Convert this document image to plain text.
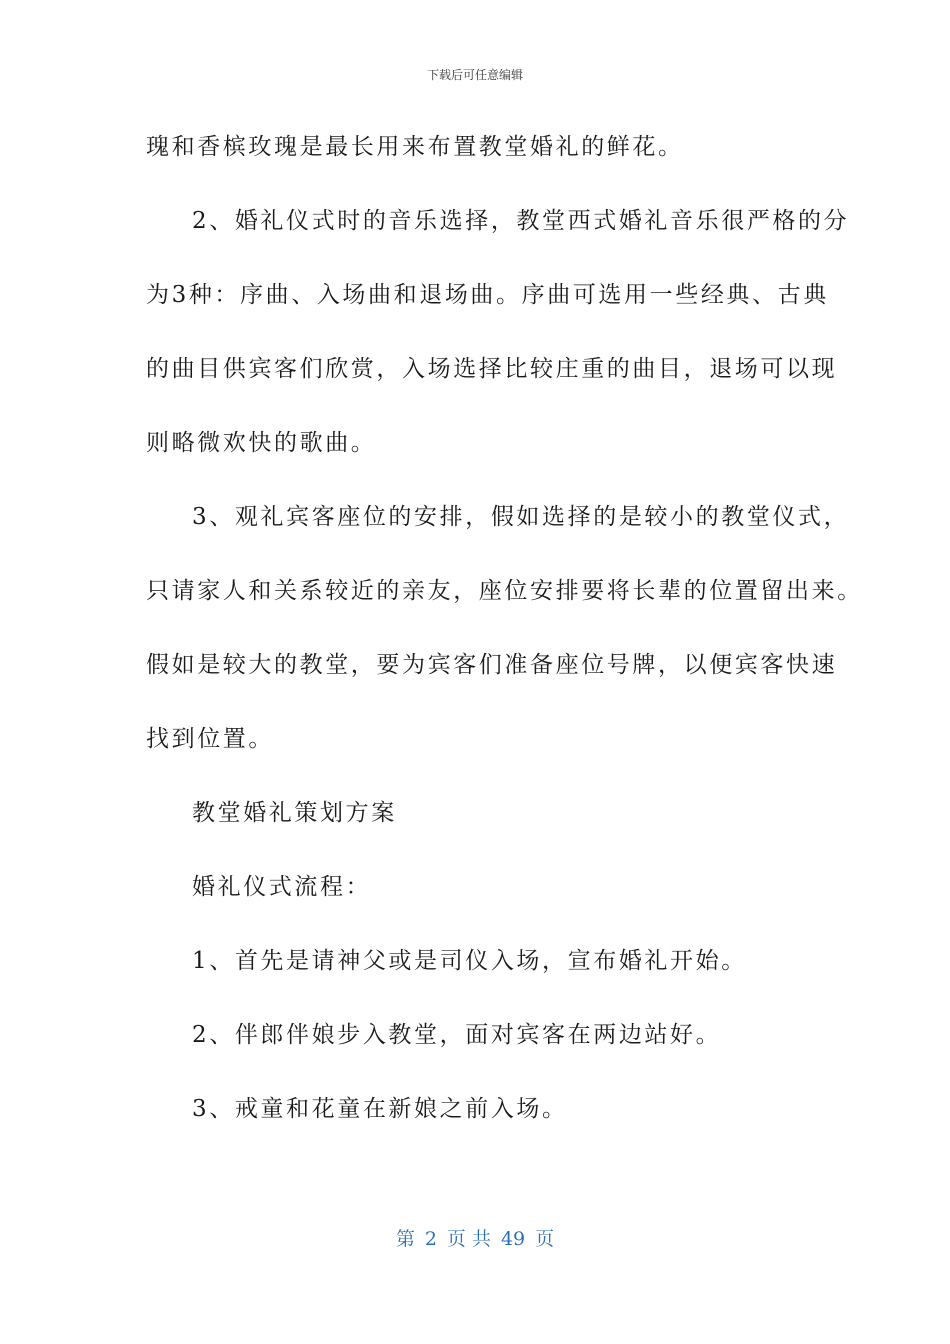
下载后可任意编辑
瑰和香槟玫瑰是最长用来布置教堂婚礼的鲜花。
2、婚礼仪式时的音乐选择，教堂西式婚礼音乐很严格的分
为3种：序曲、入场曲和退场曲。序曲可选用一些经典、古典
的曲目供宾客们欣赏，入场选择比较庄重的曲目，退场可以现
则略微欢快的歌曲。
3、观礼宾客座位的安排，假如选择的是较小的教堂仪式，
只请家人和关系较近的亲友，座位安排要将长辈的位置留出来。
假如是较大的教堂，要为宾客们准备座位号牌，以便宾客快速
找到位置。
教堂婚礼策划方案
婚礼仪式流程：
1、首先是请神父或是司仪入场，宣布婚礼开始。
2、伴郎伴娘步入教堂，面对宾客在两边站好。
3、戒童和花童在新娘之前入场。
第 2 页 共 49 页
